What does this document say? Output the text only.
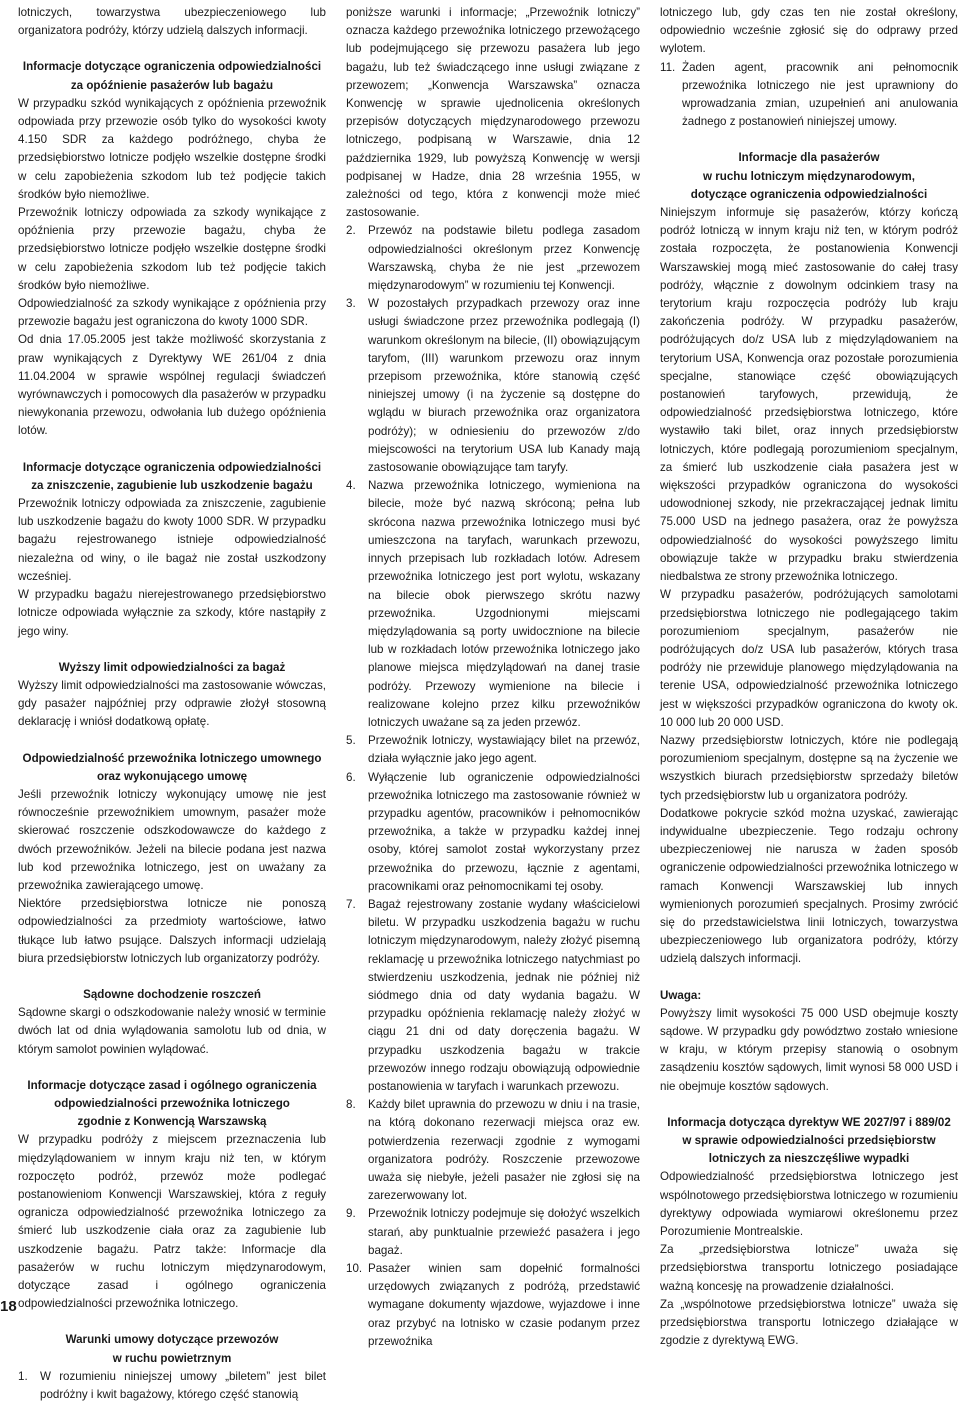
lotniczych, towarzystwa ubezpieczeniowego lub organizatora podróży, którzy udzielą dalszych informacji.

Informacje dotyczące ograniczenia odpowiedzialności
za opóźnienie pasażerów lub bagażu

W przypadku szkód wynikających z opóźnienia przewoźnik odpowiada przy przewozie osób tylko do wysokości kwoty 4.150 SDR za każdego podróżnego, chyba że przedsiębiorstwo lotnicze podjęło wszelkie dostępne środki w celu zapobieżenia szkodom lub też podjęcie takich środków było niemożliwe.

Przewoźnik lotniczy odpowiada za szkody wynikające z opóźnienia przy przewozie bagażu, chyba że przedsiębiorstwo lotnicze podjęło wszelkie dostępne środki w celu zapobieżenia szkodom lub też podjęcie takich środków było niemożliwe.

Odpowiedzialność za szkody wynikające z opóźnienia przy przewozie bagażu jest ograniczona do kwoty 1000 SDR.

Od dnia 17.05.2005 jest także możliwość skorzystania z praw wynikających z Dyrektywy WE 261/04 z dnia 11.04.2004 w sprawie wspólnej regulacji świadczeń wyrównawczych i pomocowych dla pasażerów w przypadku niewykonania przewozu, odwołania lub dużego opóźnienia lotów.

Informacje dotyczące ograniczenia odpowiedzialności
za zniszczenie, zagubienie lub uszkodzenie bagażu

Przewoźnik lotniczy odpowiada za zniszczenie, zagubienie lub uszkodzenie bagażu do kwoty 1000 SDR. W przypadku bagażu rejestrowanego istnieje odpowiedzialność niezależna od winy, o ile bagaż nie został uszkodzony wcześniej.

W przypadku bagażu nierejestrowanego przedsiębiorstwo lotnicze odpowiada wyłącznie za szkody, które nastąpiły z jego winy.

Wyższy limit odpowiedzialności za bagaż

Wyższy limit odpowiedzialności ma zastosowanie wówczas, gdy pasażer najpóźniej przy odprawie złożył stosowną deklarację i wniósł dodatkową opłatę.

Odpowiedzialność przewoźnika lotniczego umownego
oraz wykonującego umowę

Jeśli przewoźnik lotniczy wykonujący umowę nie jest równocześnie przewoźnikiem umownym, pasażer może skierować roszczenie odszkodowawcze do każdego z dwóch przewoźników. Jeżeli na bilecie podana jest nazwa lub kod przewoźnika lotniczego, jest on uważany za przewoźnika zawierającego umowę.

Niektóre przedsiębiorstwa lotnicze nie ponoszą odpowiedzialności za przedmioty wartościowe, łatwo tłukące lub łatwo psujące. Dalszych informacji udzielają biura przedsiębiorstw lotniczych lub organizatorzy podróży.

Sądowne dochodzenie roszczeń

Sądowne skargi o odszkodowanie należy wnosić w terminie dwóch lat od dnia wylądowania samolotu lub od dnia, w którym samolot powinien wylądować.

Informacje dotyczące zasad i ogólnego ograniczenia
odpowiedzialności przewoźnika lotniczego
zgodnie z Konwencją Warszawską

W przypadku podróży z miejscem przeznaczenia lub międzylądowaniem w innym kraju niż ten, w którym rozpoczęto podróż, przewóz może podlegać postanowieniom Konwencji Warszawskiej, która z reguły ogranicza odpowiedzialność przewoźnika lotniczego za śmierć lub uszkodzenie ciała oraz za zagubienie lub uszkodzenie bagażu. Patrz także: Informacje dla pasażerów w ruchu lotniczym międzynarodowym, dotyczące zasad i ogólnego ograniczenia odpowiedzialności przewoźnika lotniczego.

Warunki umowy dotyczące przewozów
w ruchu powietrznym
1. W rozumieniu niniejszej umowy „biletem” jest bilet podróżny i kwit bagażowy, którego część stanowią

poniższe warunki i informacje; „Przewoźnik lotniczy” oznacza każdego przewoźnika lotniczego przewożącego lub podejmującego się przewozu pasażera lub jego bagażu, lub też świadczącego inne usługi związane z przewozem; „Konwencja Warszawska” oznacza Konwencję w sprawie ujednolicenia określonych przepisów dotyczących międzynarodowego przewozu lotniczego, podpisaną w Warszawie, dnia 12 października 1929, lub powyższą Konwencję w wersji podpisanej w Hadze, dnia 28 września 1955, w zależności od tego, która z konwencji może mieć zastosowanie.

2. Przewóz na podstawie biletu podlega zasadom odpowiedzialności określonym przez Konwencję Warszawską, chyba że nie jest „przewozem międzynarodowym” w rozumieniu tej Konwencji.
3. W pozostałych przypadkach przewozy oraz inne usługi świadczone przez przewoźnika podlegają (I) warunkom określonym na bilecie, (II) obowiązującym taryfom, (III) warunkom przewozu oraz innym przepisom przewoźnika, które stanowią część niniejszej umowy (i na życzenie są dostępne do wglądu w biurach przewoźnika oraz organizatora podróży); w odniesieniu do przewozów z/do miejscowości na terytorium USA lub Kanady mają zastosowanie obowiązujące tam taryfy.
4. Nazwa przewoźnika lotniczego, wymieniona na bilecie, może być nazwą skróconą; pełna lub skrócona nazwa przewoźnika lotniczego musi być umieszczona na taryfach, warunkach przewozu, innych przepisach lub rozkładach lotów. Adresem przewoźnika lotniczego jest port wylotu, wskazany na bilecie obok pierwszego skrótu nazwy przewoźnika. Uzgodnionymi miejscami międzylądowania są porty uwidocznione na bilecie lub w rozkładach lotów przewoźnika lotniczego jako planowe miejsca międzylądowań na danej trasie podróży. Przewozy wymienione na bilecie i realizowane kolejno przez kilku przewoźników lotniczych uważane są za jeden przewóz.
5. Przewoźnik lotniczy, wystawiający bilet na przewóz, działa wyłącznie jako jego agent.
6. Wyłączenie lub ograniczenie odpowiedzialności przewoźnika lotniczego ma zastosowanie również w przypadku agentów, pracowników i pełnomocników przewoźnika, a także w przypadku każdej innej osoby, której samolot został wykorzystany przez przewoźnika do przewozu, łącznie z agentami, pracownikami oraz pełnomocnikami tej osoby.
7. Bagaż rejestrowany zostanie wydany właścicielowi biletu. W przypadku uszkodzenia bagażu w ruchu lotniczym międzynarodowym, należy złożyć pisemną reklamację u przewoźnika lotniczego natychmiast po stwierdzeniu uszkodzenia, jednak nie później niż siódmego dnia od daty wydania bagażu. W przypadku opóźnienia reklamację należy złożyć w ciągu 21 dni od daty doręczenia bagażu. W przypadku uszkodzenia bagażu w trakcie przewozów innego rodzaju obowiązują odpowiednie postanowienia w taryfach i warunkach przewozu.
8. Każdy bilet uprawnia do przewozu w dniu i na trasie, na którą dokonano rezerwacji miejsca oraz ew. potwierdzenia rezerwacji zgodnie z wymogami organizatora podróży. Roszczenie przewozowe uważa się niebyłe, jeżeli pasażer nie zgłosi się na zarezerwowany lot.
9. Przewoźnik lotniczy podejmuje się dołożyć wszelkich starań, aby punktualnie przewieźć pasażera i jego bagaż.
10. Pasażer winien sam dopełnić formalności urzędowych związanych z podróżą, przedstawić wymagane dokumenty wjazdowe, wyjazdowe i inne oraz przybyć na lotnisko w czasie podanym przez przewoźnika

lotniczego lub, gdy czas ten nie został określony, odpowiednio wcześnie zgłosić się do odprawy przed wylotem.

11. Żaden agent, pracownik ani pełnomocnik przewoźnika lotniczego nie jest uprawniony do wprowadzania zmian, uzupełnień ani anulowania żadnego z postanowień niniejszej umowy.
Informacje dla pasażerów
w ruchu lotniczym międzynarodowym,
dotyczące ograniczenia odpowiedzialności

Niniejszym informuje się pasażerów, którzy kończą podróż lotniczą w innym kraju niż ten, w którym podróż została rozpoczęta, że postanowienia Konwencji Warszawskiej mogą mieć zastosowanie do całej trasy podróży, włącznie z dowolnym odcinkiem trasy na terytorium kraju rozpoczęcia podróży lub kraju zakończenia podróży. W przypadku pasażerów, podróżujących do/z USA lub z międzylądowaniem na terytorium USA, Konwencja oraz pozostałe porozumienia specjalne, stanowiące część obowiązujących postanowień taryfowych, przewidują, że odpowiedzialność przedsiębiorstwa lotniczego, które wystawiło taki bilet, oraz innych przedsiębiorstw lotniczych, które podlegają porozumieniom specjalnym, za śmierć lub uszkodzenie ciała pasażera jest w większości przypadków ograniczona do wysokości udowodnionej szkody, nie przekraczającej jednak limitu 75.000 USD na jednego pasażera, oraz że powyższa odpowiedzialność do wysokości powyższego limitu obowiązuje także w przypadku braku stwierdzenia niedbalstwa ze strony przewoźnika lotniczego.

W przypadku pasażerów, podróżujących samolotami przedsiębiorstwa lotniczego nie podlegającego takim porozumieniom specjalnym, pasażerów nie podróżujących do/z USA lub pasażerów, których trasa podróży nie przewiduje planowego międzylądowania na terenie USA, odpowiedzialność przewoźnika lotniczego jest w większości przypadków ograniczona do kwoty ok. 10 000 lub 20 000 USD.

Nazwy przedsiębiorstw lotniczych, które nie podlegają porozumieniom specjalnym, dostępne są na życzenie we wszystkich biurach przedsiębiorstw sprzedaży biletów tych przedsiębiorstw lub u organizatora podróży.

Dodatkowe pokrycie szkód można uzyskać, zawierając indywidualne ubezpieczenie. Tego rodzaju ochrony ubezpieczeniowej nie narusza w żaden sposób ograniczenie odpowiedzialności przewoźnika lotniczego w ramach Konwencji Warszawskiej lub innych wymienionych porozumień specjalnych. Prosimy zwrócić się do przedstawicielstwa linii lotniczych, towarzystwa ubezpieczeniowego lub organizatora podróży, którzy udzielą dalszych informacji.

Uwaga:

Powyższy limit wysokości 75 000 USD obejmuje koszty sądowe. W przypadku gdy powództwo zostało wniesione w kraju, w którym przepisy stanowią o osobnym zasądzeniu kosztów sądowych, limit wynosi 58 000 USD i nie obejmuje kosztów sądowych.

Informacja dotycząca dyrektyw WE 2027/97 i 889/02
w sprawie odpowiedzialności przedsiębiorstw
lotniczych za nieszczęśliwe wypadki

Odpowiedzialność przedsiębiorstwa lotniczego jest wspólnotowego przedsiębiorstwa lotniczego w rozumieniu dyrektywy odpowiada wymiarowi określonemu przez Porozumienie Montrealskie.

Za „przedsiębiorstwa lotnicze” uważa się przedsiębiorstwa transportu lotniczego posiadające ważną koncesję na prowadzenie działalności.

Za „wspólnotowe przedsiębiorstwa lotnicze” uważa się przedsiębiorstwa transportu lotniczego działające w zgodzie z dyrektywą EWG.

18
